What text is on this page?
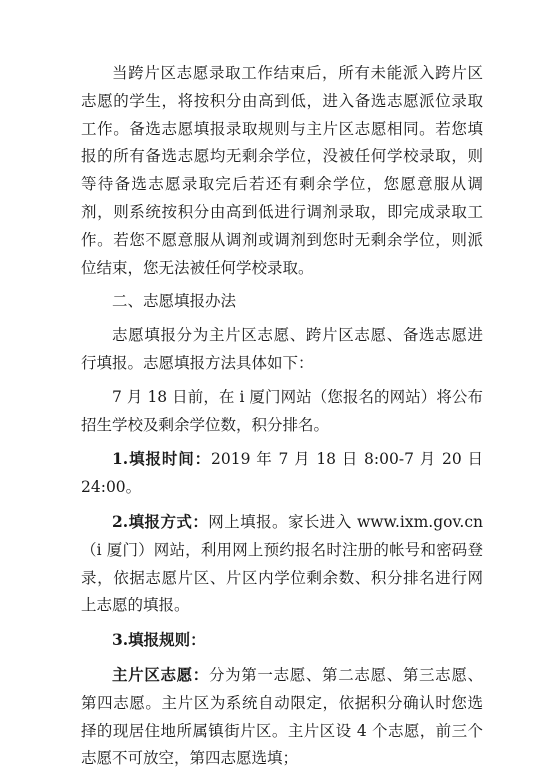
当跨片区志愿录取工作结束后，所有未能派入跨片区志愿的学生，将按积分由高到低，进入备选志愿派位录取工作。备选志愿填报录取规则与主片区志愿相同。若您填报的所有备选志愿均无剩余学位，没被任何学校录取，则等待备选志愿录取完后若还有剩余学位，您愿意服从调剂，则系统按积分由高到低进行调剂录取，即完成录取工作。若您不愿意服从调剂或调剂到您时无剩余学位，则派位结束，您无法被任何学校录取。

二、志愿填报办法

志愿填报分为主片区志愿、跨片区志愿、备选志愿进行填报。志愿填报方法具体如下：

7 月 18 日前，在 i 厦门网站（您报名的网站）将公布招生学校及剩余学位数，积分排名。

1.填报时间：2019 年 7 月 18 日 8:00-7 月 20 日 24:00。

2.填报方式：网上填报。家长进入 www.ixm.gov.cn（i 厦门）网站，利用网上预约报名时注册的帐号和密码登录，依据志愿片区、片区内学位剩余数、积分排名进行网上志愿的填报。

3.填报规则：

主片区志愿：分为第一志愿、第二志愿、第三志愿、第四志愿。主片区为系统自动限定，依据积分确认时您选择的现居住地所属镇街片区。主片区设 4 个志愿，前三个志愿不可放空，第四志愿选填；
